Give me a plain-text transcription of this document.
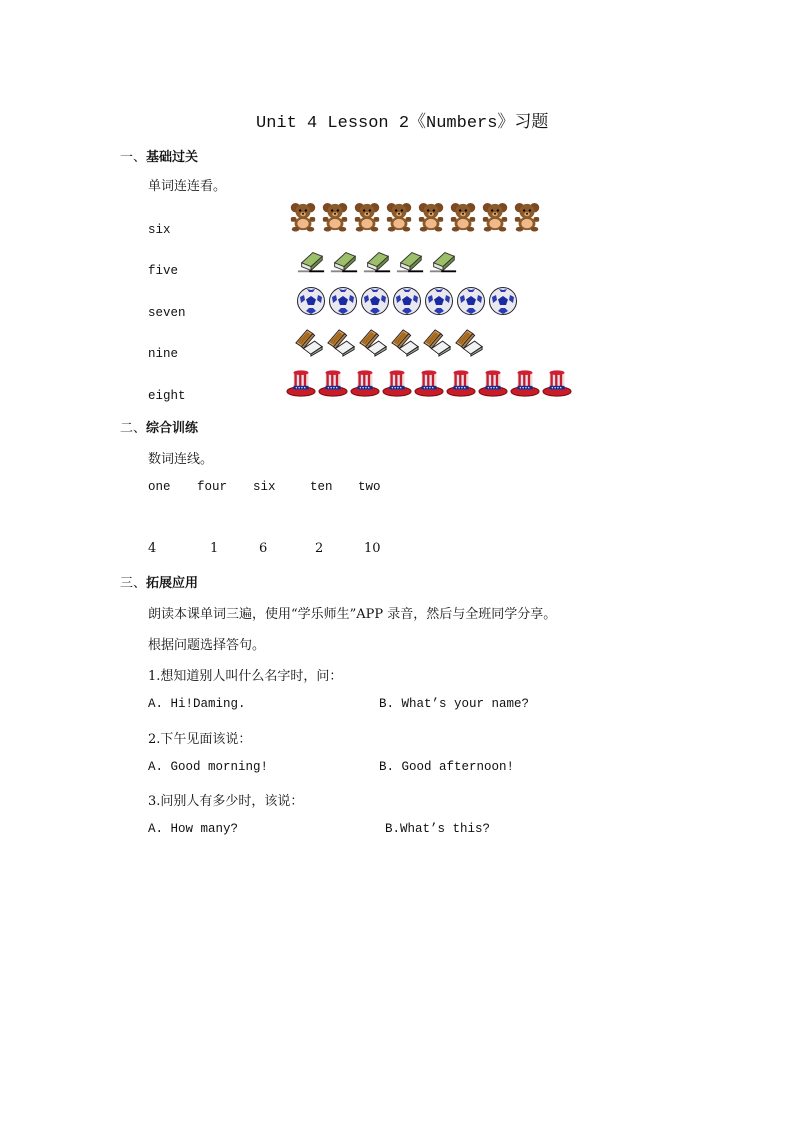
Unit 4 Lesson 2《Numbers》习题
一、基础过关
单词连连看。
six
five
seven
nine
eight
二、综合训练
数词连线。
one four six	ten two
4	1	6	2	10
三、拓展应用
朗读本课单词三遍，使用“学乐师生”APP 录音，然后与全班同学分享。
根据问题选择答句。
1.想知道别人叫什么名字时，问：
A. Hi!Daming.	B. What’s your name?
2.下午见面该说：
A. Good morning!	B. Good afternoon!
3.问别人有多少时，该说：
A. How many?	B.What’s this?
